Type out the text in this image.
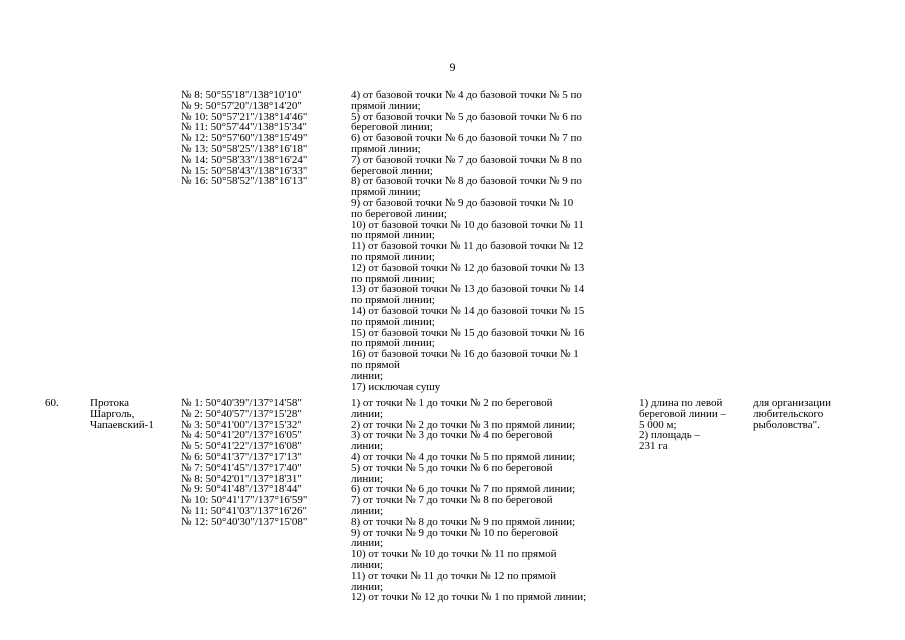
9
№ 8: 50°55'18"/138°10'10"
№ 9: 50°57'20"/138°14'20"
№ 10: 50°57'21"/138°14'46"
№ 11: 50°57'44"/138°15'34"
№ 12: 50°57'60"/138°15'49"
№ 13: 50°58'25"/138°16'18"
№ 14: 50°58'33"/138°16'24"
№ 15: 50°58'43"/138°16'33"
№ 16: 50°58'52"/138°16'13"
4) от базовой точки № 4 до базовой точки № 5 по
прямой линии;
5) от базовой точки № 5 до базовой точки № 6 по
береговой линии;
6) от базовой точки № 6 до базовой точки № 7 по
прямой линии;
7) от базовой точки № 7 до базовой точки № 8 по
береговой линии;
8) от базовой точки № 8 до базовой точки № 9 по
прямой линии;
9) от базовой точки № 9 до базовой точки № 10
по береговой линии;
10) от базовой точки № 10 до базовой точки № 11
по прямой линии;
11) от базовой точки № 11 до базовой точки № 12
по прямой линии;
12) от базовой точки № 12 до базовой точки № 13
по прямой линии;
13) от базовой точки № 13 до базовой точки № 14
по прямой линии;
14) от базовой точки № 14 до базовой точки № 15
по прямой линии;
15) от базовой точки № 15 до базовой точки № 16
по прямой линии;
16) от базовой точки № 16 до базовой точки № 1
по прямой
линии;
17) исключая сушу
60.	Протока
Шарголь,
Чапаевский-1
№ 1: 50°40'39"/137°14'58"
№ 2: 50°40'57"/137°15'28"
№ 3: 50°41'00"/137°15'32"
№ 4: 50°41'20"/137°16'05"
№ 5: 50°41'22"/137°16'08"
№ 6: 50°41'37"/137°17'13"
№ 7: 50°41'45"/137°17'40"
№ 8: 50°42'01"/137°18'31"
№ 9: 50°41'48"/137°18'44"
№ 10: 50°41'17"/137°16'59"
№ 11: 50°41'03"/137°16'26"
№ 12: 50°40'30"/137°15'08"
1) от точки № 1 до точки № 2 по береговой
линии;
2) от точки № 2 до точки № 3 по прямой линии;
3) от точки № 3 до точки № 4 по береговой
линии;
4) от точки № 4 до точки № 5 по прямой линии;
5) от точки № 5 до точки № 6 по береговой
линии;
6) от точки № 6 до точки № 7 по прямой линии;
7) от точки № 7 до точки № 8 по береговой
линии;
8) от точки № 8 до точки № 9 по прямой линии;
9) от точки № 9 до точки № 10 по береговой
линии;
10) от точки № 10 до точки № 11 по прямой
линии;
11) от точки № 11 до точки № 12 по прямой
линии;
12) от точки № 12 до точки № 1 по прямой линии;
1) длина по левой
береговой линии –
5 000 м;
2) площадь –
231 га
для организации
любительского
рыболовства".
